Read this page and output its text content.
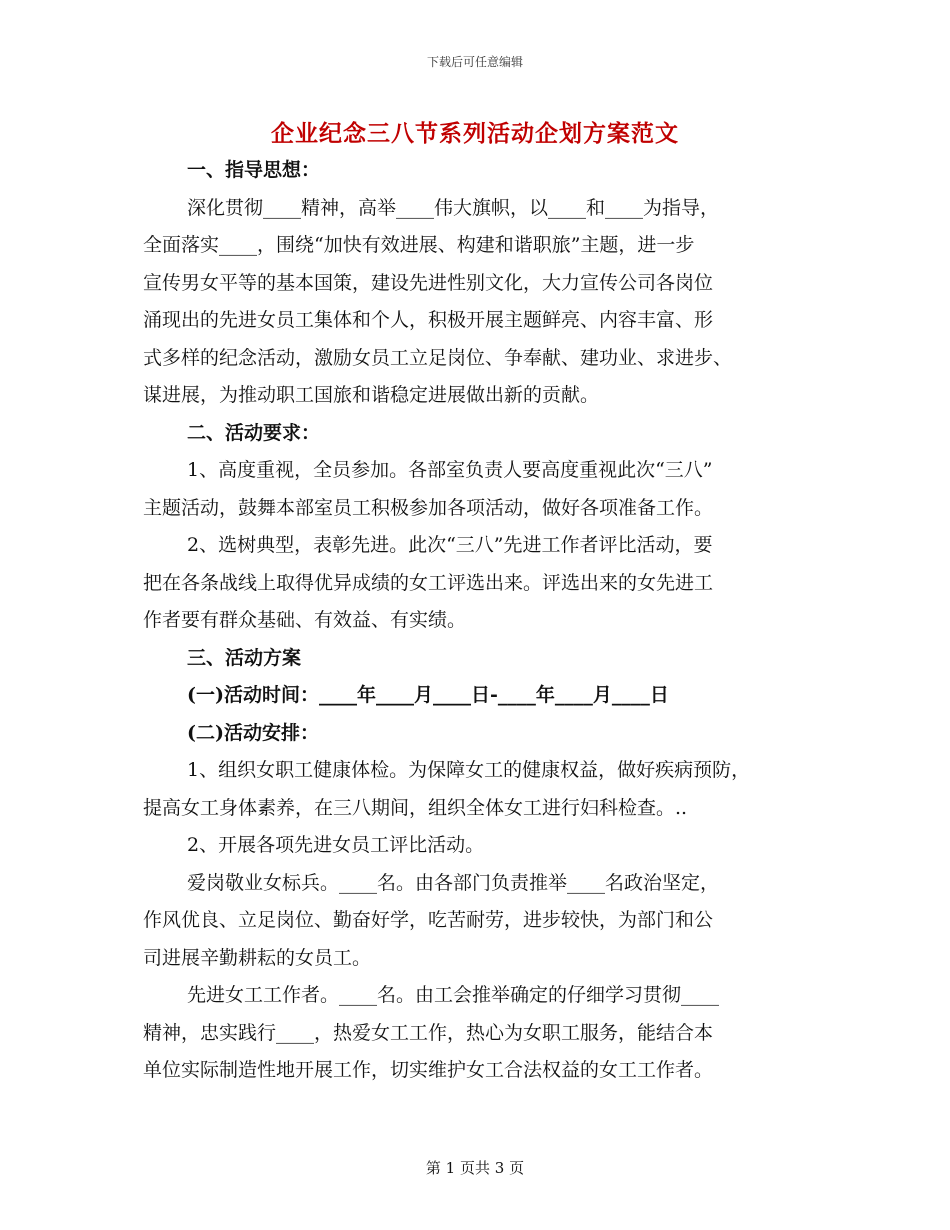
下载后可任意编辑
企业纪念三八节系列活动企划方案范文

一、指导思想：

深化贯彻____精神，高举____伟大旗帜，以____和____为指导，

全面落实____，围绕“加快有效进展、构建和谐职旅”主题，进一步

宣传男女平等的基本国策，建设先进性别文化，大力宣传公司各岗位

涌现出的先进女员工集体和个人，积极开展主题鲜亮、内容丰富、形

式多样的纪念活动，激励女员工立足岗位、争奉献、建功业、求进步、

谋进展，为推动职工国旅和谐稳定进展做出新的贡献。

二、活动要求：

1、高度重视，全员参加。各部室负责人要高度重视此次“三八”

主题活动，鼓舞本部室员工积极参加各项活动，做好各项准备工作。

2、选树典型，表彰先进。此次“三八”先进工作者评比活动，要

把在各条战线上取得优异成绩的女工评选出来。评选出来的女先进工

作者要有群众基础、有效益、有实绩。

三、活动方案

(一)活动时间：____年____月____日-____年____月____日

(二)活动安排：

1、组织女职工健康体检。为保障女工的健康权益，做好疾病预防，

提高女工身体素养，在三八期间，组织全体女工进行妇科检查。..

2、开展各项先进女员工评比活动。

爱岗敬业女标兵。____名。由各部门负责推举____名政治坚定，

作风优良、立足岗位、勤奋好学，吃苦耐劳，进步较快，为部门和公

司进展辛勤耕耘的女员工。

先进女工工作者。____名。由工会推举确定的仔细学习贯彻____

精神，忠实践行____，热爱女工工作，热心为女职工服务，能结合本

单位实际制造性地开展工作，切实维护女工合法权益的女工工作者。

第 1 页共 3 页
